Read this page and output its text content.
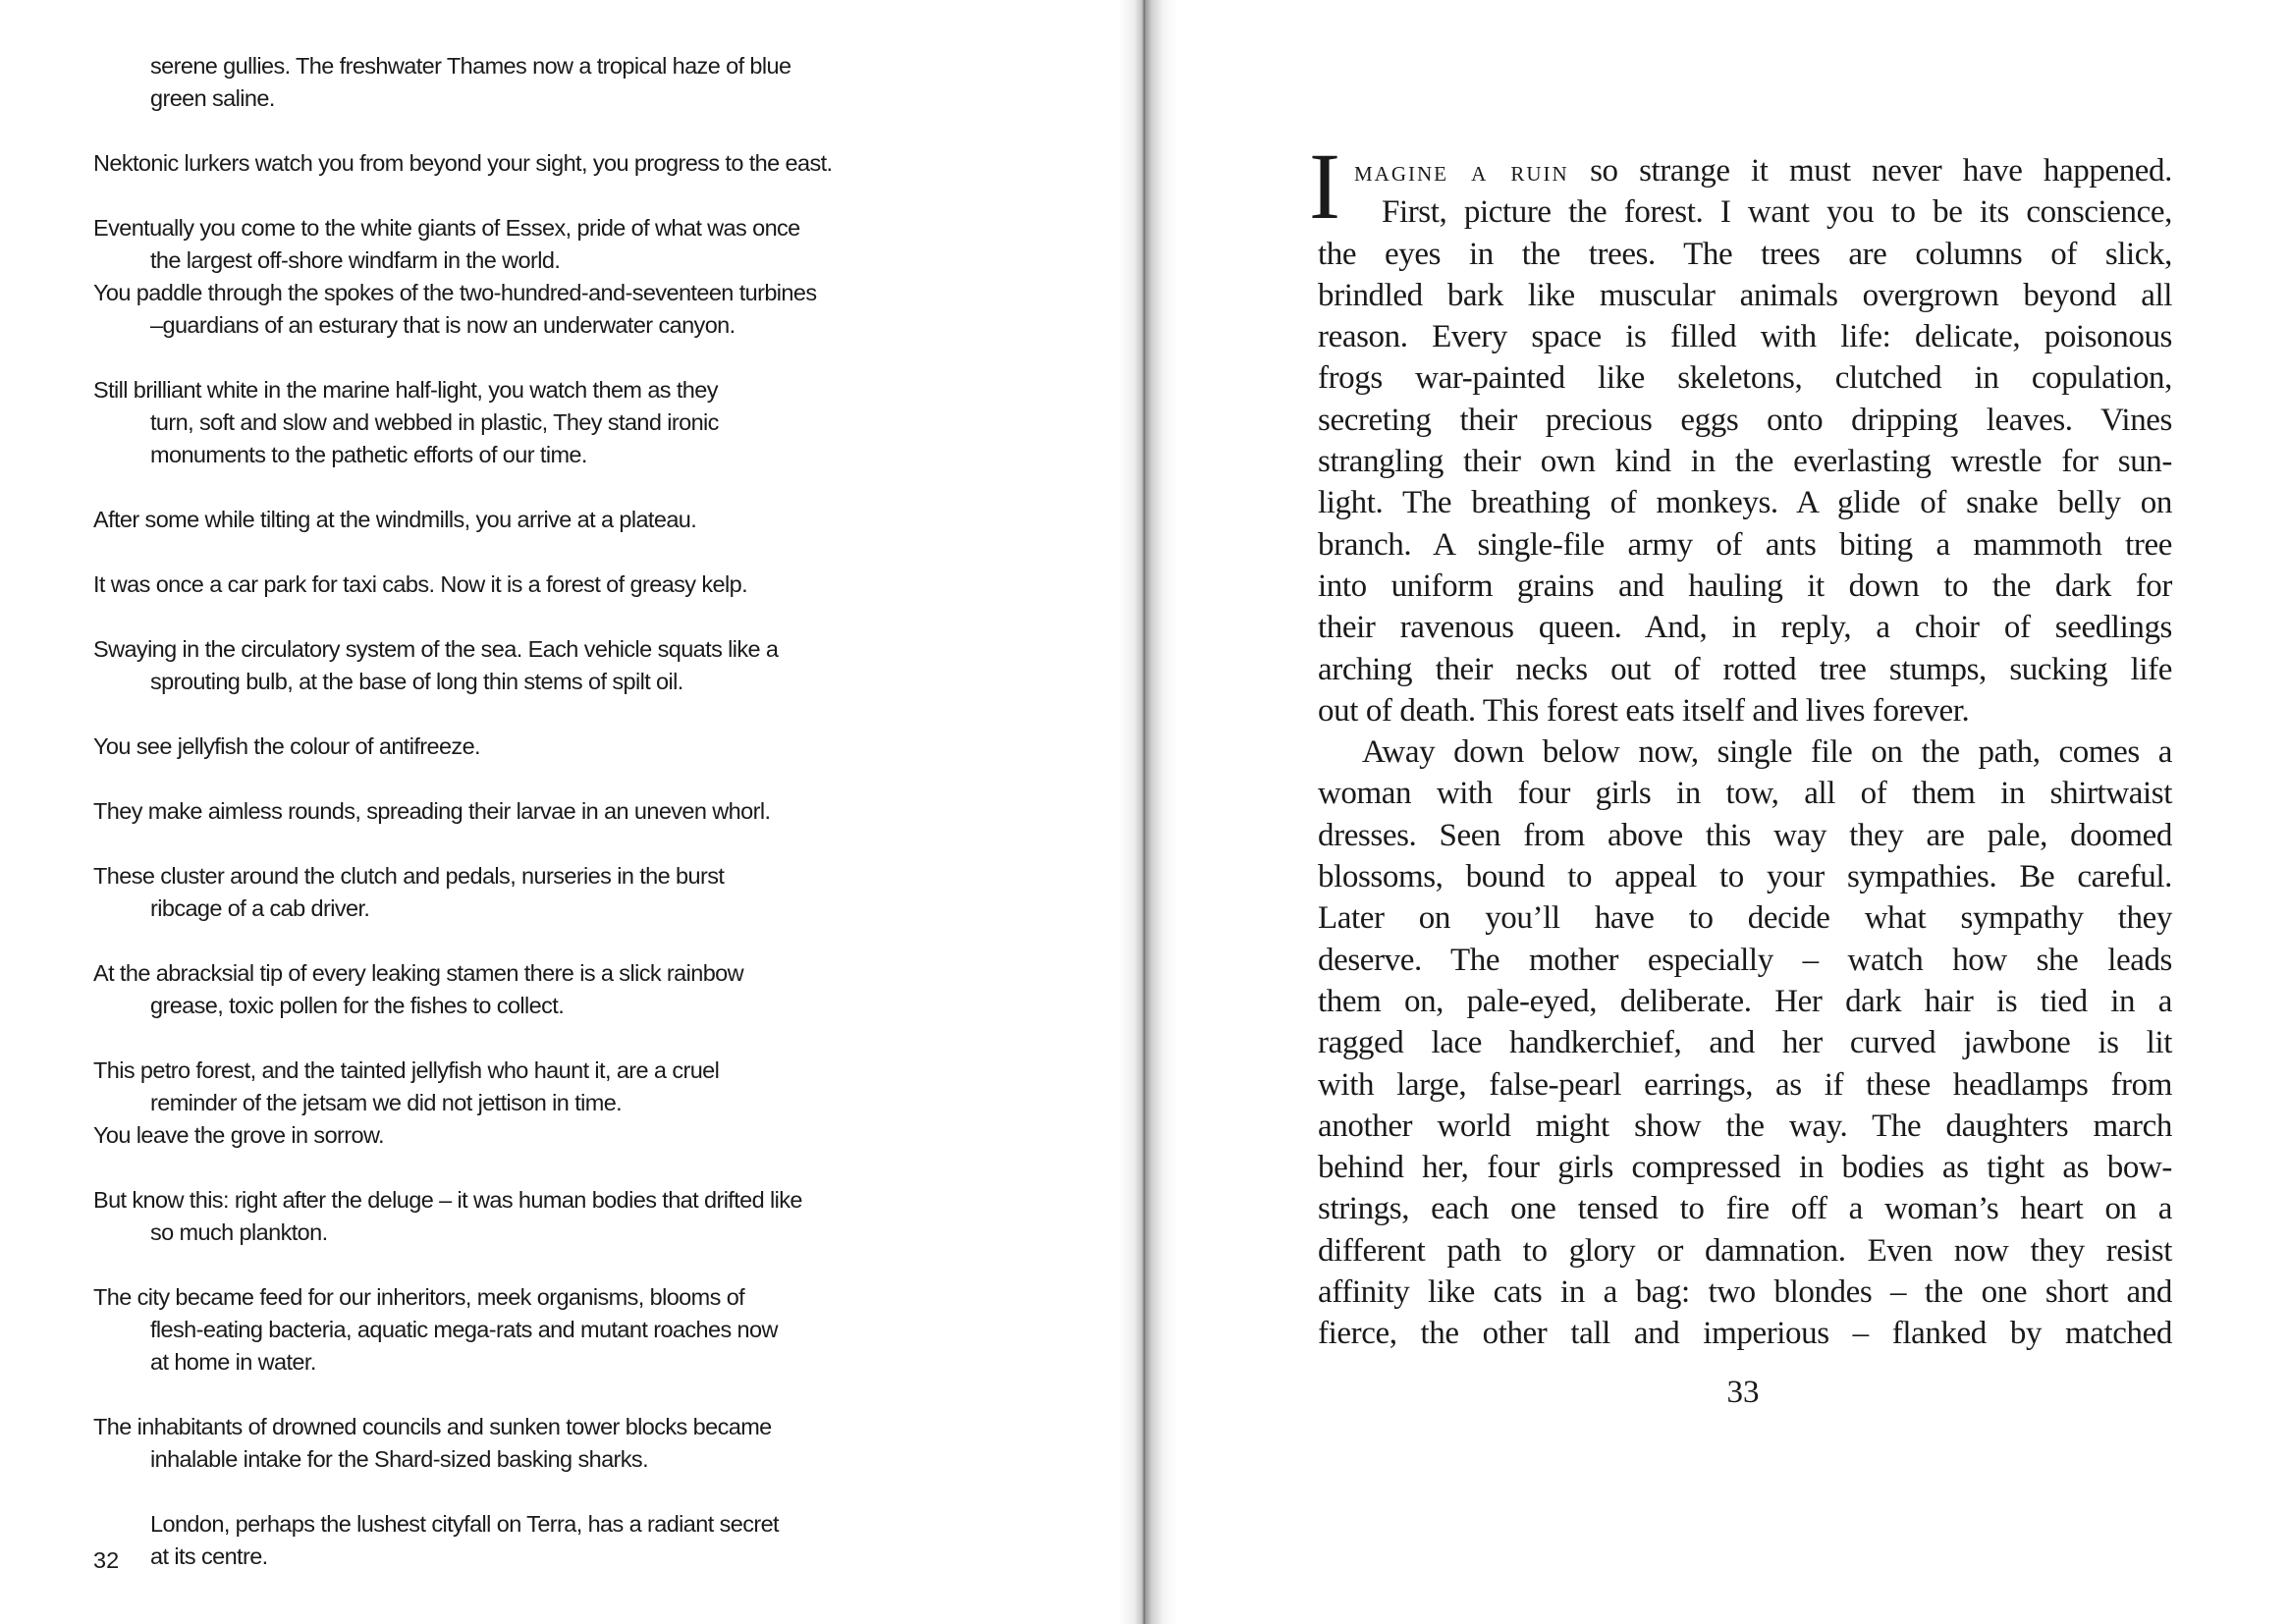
serene gullies. The freshwater Thames now a tropical haze of blue
green saline.
Nektonic lurkers watch you from beyond your sight, you progress to the east.
Eventually you come to the white giants of Essex, pride of what was once
the largest off-shore windfarm in the world.
You paddle through the spokes of the two-hundred-and-seventeen turbines
–guardians of an esturary that is now an underwater canyon.
Still brilliant white in the marine half-light, you watch them as they
turn, soft and slow and webbed in plastic, They stand ironic
monuments to the pathetic efforts of our time.
After some while tilting at the windmills, you arrive at a plateau.
It was once a car park for taxi cabs. Now it is a forest of greasy kelp.
Swaying in the circulatory system of the sea. Each vehicle squats like a
sprouting bulb, at the base of long thin stems of spilt oil.
You see jellyfish the colour of antifreeze.
They make aimless rounds, spreading their larvae in an uneven whorl.
These cluster around the clutch and pedals, nurseries in the burst
ribcage of a cab driver.
At the abracksial tip of every leaking stamen there is a slick rainbow
grease, toxic pollen for the fishes to collect.
This petro forest, and the tainted jellyfish who haunt it, are a cruel
reminder of the jetsam we did not jettison in time.
You leave the grove in sorrow.
But know this: right after the deluge – it was human bodies that drifted like
so much plankton.
The city became feed for our inheritors, meek organisms, blooms of
flesh-eating bacteria, aquatic mega-rats and mutant roaches now
at home in water.
The inhabitants of drowned councils and sunken tower blocks became
inhalable intake for the Shard-sized basking sharks.
London, perhaps the lushest cityfall on Terra, has a radiant secret
at its centre.
32
I magine a ruin so strange it must never have happened.
First, picture the forest. I want you to be its conscience,
the eyes in the trees. The trees are columns of slick,
brindled bark like muscular animals overgrown beyond all
reason. Every space is filled with life: delicate, poisonous
frogs war-painted like skeletons, clutched in copulation,
secreting their precious eggs onto dripping leaves. Vines
strangling their own kind in the everlasting wrestle for sun-
light. The breathing of monkeys. A glide of snake belly on
branch. A single-file army of ants biting a mammoth tree
into uniform grains and hauling it down to the dark for
their ravenous queen. And, in reply, a choir of seedlings
arching their necks out of rotted tree stumps, sucking life
out of death. This forest eats itself and lives forever.
Away down below now, single file on the path, comes a
woman with four girls in tow, all of them in shirtwaist
dresses. Seen from above this way they are pale, doomed
blossoms, bound to appeal to your sympathies. Be careful.
Later on you’ll have to decide what sympathy they
deserve. The mother especially – watch how she leads
them on, pale-eyed, deliberate. Her dark hair is tied in a
ragged lace handkerchief, and her curved jawbone is lit
with large, false-pearl earrings, as if these headlamps from
another world might show the way. The daughters march
behind her, four girls compressed in bodies as tight as bow-
strings, each one tensed to fire off a woman’s heart on a
different path to glory or damnation. Even now they resist
affinity like cats in a bag: two blondes – the one short and
fierce, the other tall and imperious – flanked by matched
33
